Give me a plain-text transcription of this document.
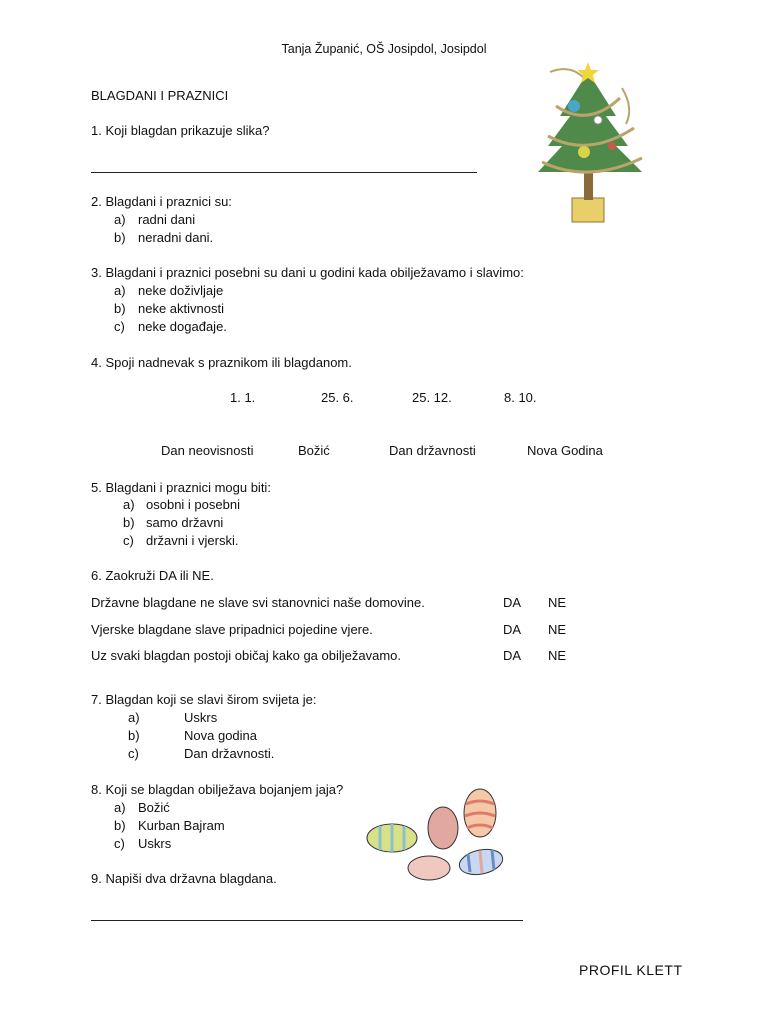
Tanja Županić, OŠ Josipdol, Josipdol
BLAGDANI I PRAZNICI
1. Koji blagdan prikazuje slika?
2. Blagdani i praznici su:
a) radni dani
b) neradni dani.
3. Blagdani i praznici posebni su dani u godini kada obilježavamo i slavimo:
a) neke doživljaje
b) neke aktivnosti
c) neke događaje.
4. Spoji nadnevak s praznikom ili blagdanom.
1. 1.	25. 6.	25. 12.	8. 10.
Dan neovisnosti	Božić	Dan državnosti	Nova Godina
5. Blagdani i praznici mogu biti:
a) osobni i posebni
b) samo državni
c) državni i vjerski.
6. Zaokruži DA ili NE.
Državne blagdane ne slave svi stanovnici naše domovine.	DA NE
Vjerske blagdane slave pripadnici pojedine vjere.	DA NE
Uz svaki blagdan postoji običaj kako ga obilježavamo.	DA NE
7. Blagdan koji se slavi širom svijeta je:
a)	Uskrs
b)	Nova godina
c)	Dan državnosti.
8. Koji se blagdan obilježava bojanjem jaja?
a) Božić
b) Kurban Bajram
c) Uskrs
9. Napiši dva državna blagdana.
PROFIL KLETT
